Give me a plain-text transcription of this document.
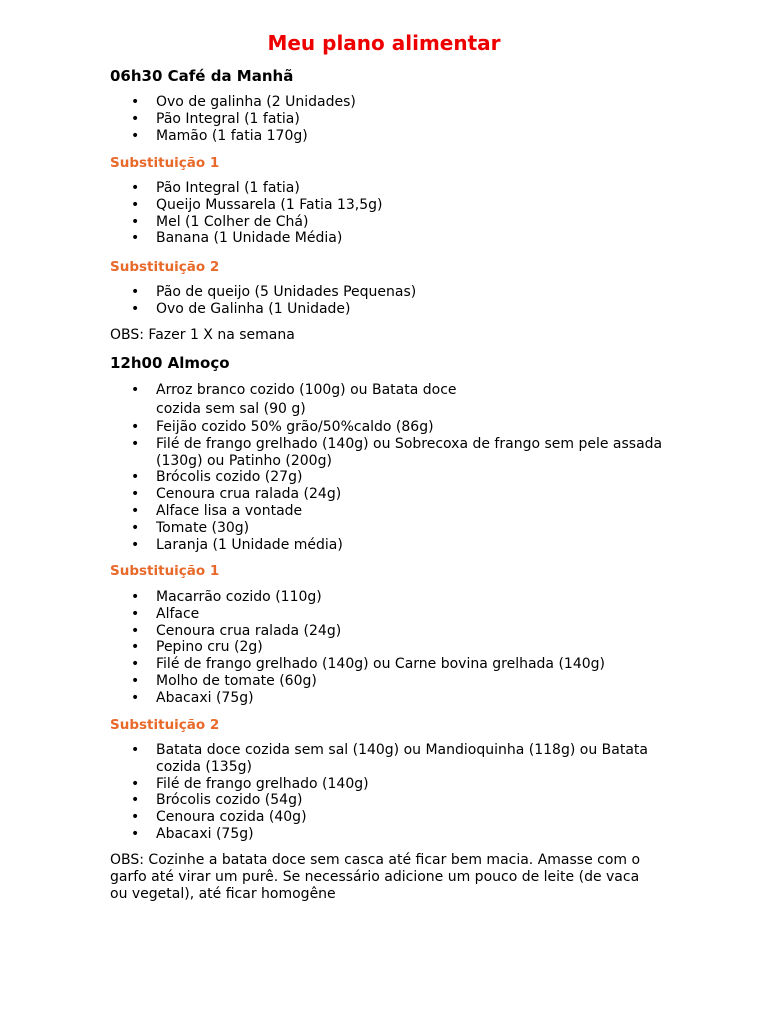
Meu plano alimentar
06h30 Café da Manhã
• Ovo de galinha (2 Unidades)
• Pão Integral (1 fatia)
• Mamão (1 fatia 170g)
Substituição 1
• Pão Integral (1 fatia)
• Queijo Mussarela (1 Fatia 13,5g)
• Mel (1 Colher de Chá)
• Banana (1 Unidade Média)
Substituição 2
• Pão de queijo (5 Unidades Pequenas)
• Ovo de Galinha (1 Unidade)
OBS: Fazer 1 X na semana
12h00 Almoço
• Arroz branco cozido (100g) ou Batata doce cozida sem sal (90 g)
• Feijão cozido 50% grão/50%caldo (86g)
• Filé de frango grelhado (140g) ou Sobrecoxa de frango sem pele assada (130g) ou Patinho (200g)
• Brócolis cozido (27g)
• Cenoura crua ralada (24g)
• Alface lisa a vontade
• Tomate (30g)
• Laranja (1 Unidade média)
Substituição 1
• Macarrão cozido (110g)
• Alface
• Cenoura crua ralada (24g)
• Pepino cru (2g)
• Filé de frango grelhado (140g) ou Carne bovina grelhada (140g)
• Molho de tomate (60g)
• Abacaxi (75g)
Substituição 2
• Batata doce cozida sem sal (140g) ou Mandioquinha (118g) ou Batata cozida (135g)
• Filé de frango grelhado (140g)
• Brócolis cozido (54g)
• Cenoura cozida (40g)
• Abacaxi (75g)
OBS: Cozinhe a batata doce sem casca até ficar bem macia. Amasse com o garfo até virar um purê. Se necessário adicione um pouco de leite (de vaca ou vegetal), até ficar homogêne
